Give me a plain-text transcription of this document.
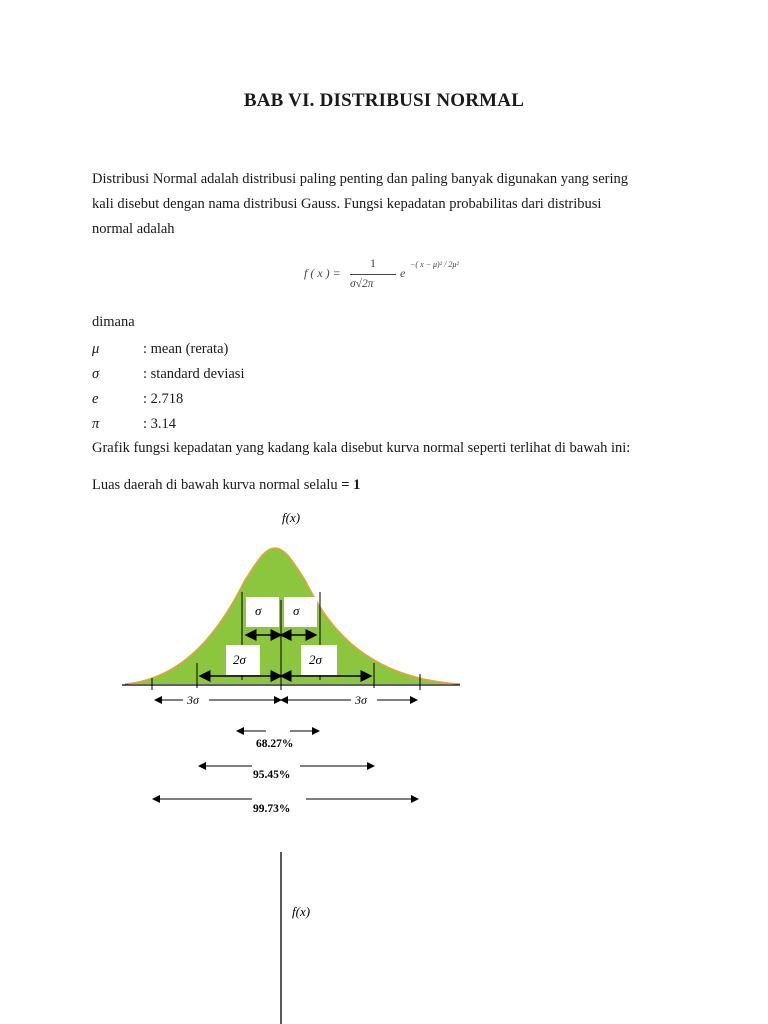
BAB VI. DISTRIBUSI NORMAL
Distribusi Normal adalah distribusi paling penting dan paling banyak digunakan yang sering
kali disebut dengan nama distribusi Gauss. Fungsi kepadatan probabilitas dari distribusi
normal adalah
f ( x ) =
1
σ√2π
e
−( x − μ)² / 2μ²
dimana
μ	: mean (rerata)
σ	: standard deviasi
e	: 2.718
π	: 3.14
Grafik fungsi kepadatan yang kadang kala disebut kurva normal seperti terlihat di bawah ini:
Luas daerah di bawah kurva normal selalu = 1
f(x)
σ σ
2σ	2σ
3σ	3σ
68.27%
95.45%
99.73%
f(x)
